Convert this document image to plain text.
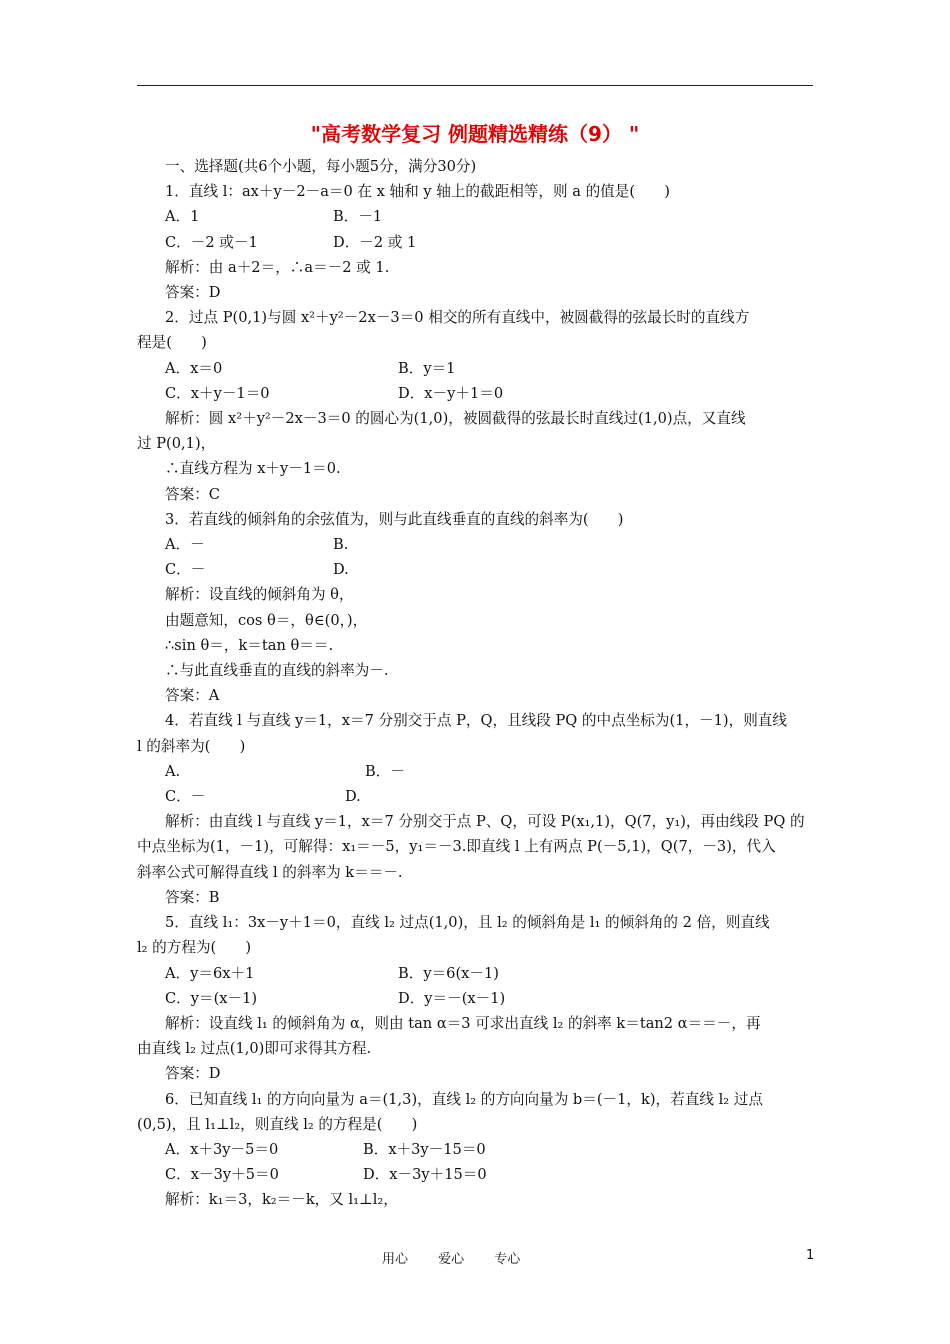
"高考数学复习 例题精选精练（9） "
一、选择题(共6个小题，每小题5分，满分30分)
1．直线 l：ax＋y－2－a＝0 在 x 轴和 y 轴上的截距相等，则 a 的值是(　　)
A．1	B．－1
C．－2 或－1	D．－2 或 1
解析：由 a＋2＝，∴a＝－2 或 1.
答案：D
2．过点 P(0,1)与圆 x²＋y²－2x－3＝0 相交的所有直线中，被圆截得的弦最长时的直线方
程是(　　)
A．x＝0	B．y＝1
C．x＋y－1＝0	D．x－y＋1＝0
解析：圆 x²＋y²－2x－3＝0 的圆心为(1,0)，被圆截得的弦最长时直线过(1,0)点，又直线
过 P(0,1)，
∴直线方程为 x＋y－1＝0.
答案：C
3．若直线的倾斜角的余弦值为，则与此直线垂直的直线的斜率为(　　)
A．－	B.
C．－	D.
解析：设直线的倾斜角为 θ，
由题意知，cos θ＝，θ∈(0，)，
∴sin θ＝，k＝tan θ＝＝.
∴与此直线垂直的直线的斜率为－.
答案：A
4．若直线 l 与直线 y＝1，x＝7 分别交于点 P，Q，且线段 PQ 的中点坐标为(1，－1)，则直线
l 的斜率为(　　)
A.	B．－
C．－	D.
解析：由直线 l 与直线 y＝1，x＝7 分别交于点 P、Q，可设 P(x₁,1)，Q(7，y₁)，再由线段 PQ 的
中点坐标为(1，－1)，可解得：x₁＝－5，y₁＝－3.即直线 l 上有两点 P(－5,1)，Q(7，－3)，代入
斜率公式可解得直线 l 的斜率为 k＝＝－.
答案：B
5．直线 l₁：3x－y＋1＝0，直线 l₂ 过点(1,0)，且 l₂ 的倾斜角是 l₁ 的倾斜角的 2 倍，则直线
l₂ 的方程为(　　)
A．y＝6x＋1	B．y＝6(x－1)
C．y＝(x－1)	D．y＝－(x－1)
解析：设直线 l₁ 的倾斜角为 α，则由 tan α＝3 可求出直线 l₂ 的斜率 k＝tan2 α＝＝－，再
由直线 l₂ 过点(1,0)即可求得其方程.
答案：D
6．已知直线 l₁ 的方向向量为 a＝(1,3)，直线 l₂ 的方向向量为 b＝(－1，k)，若直线 l₂ 过点
(0,5)，且 l₁⊥l₂，则直线 l₂ 的方程是(　　)
A．x＋3y－5＝0	B．x＋3y－15＝0
C．x－3y＋5＝0	D．x－3y＋15＝0
解析：k₁＝3，k₂＝－k，又 l₁⊥l₂，
用心 爱心 专心	1
